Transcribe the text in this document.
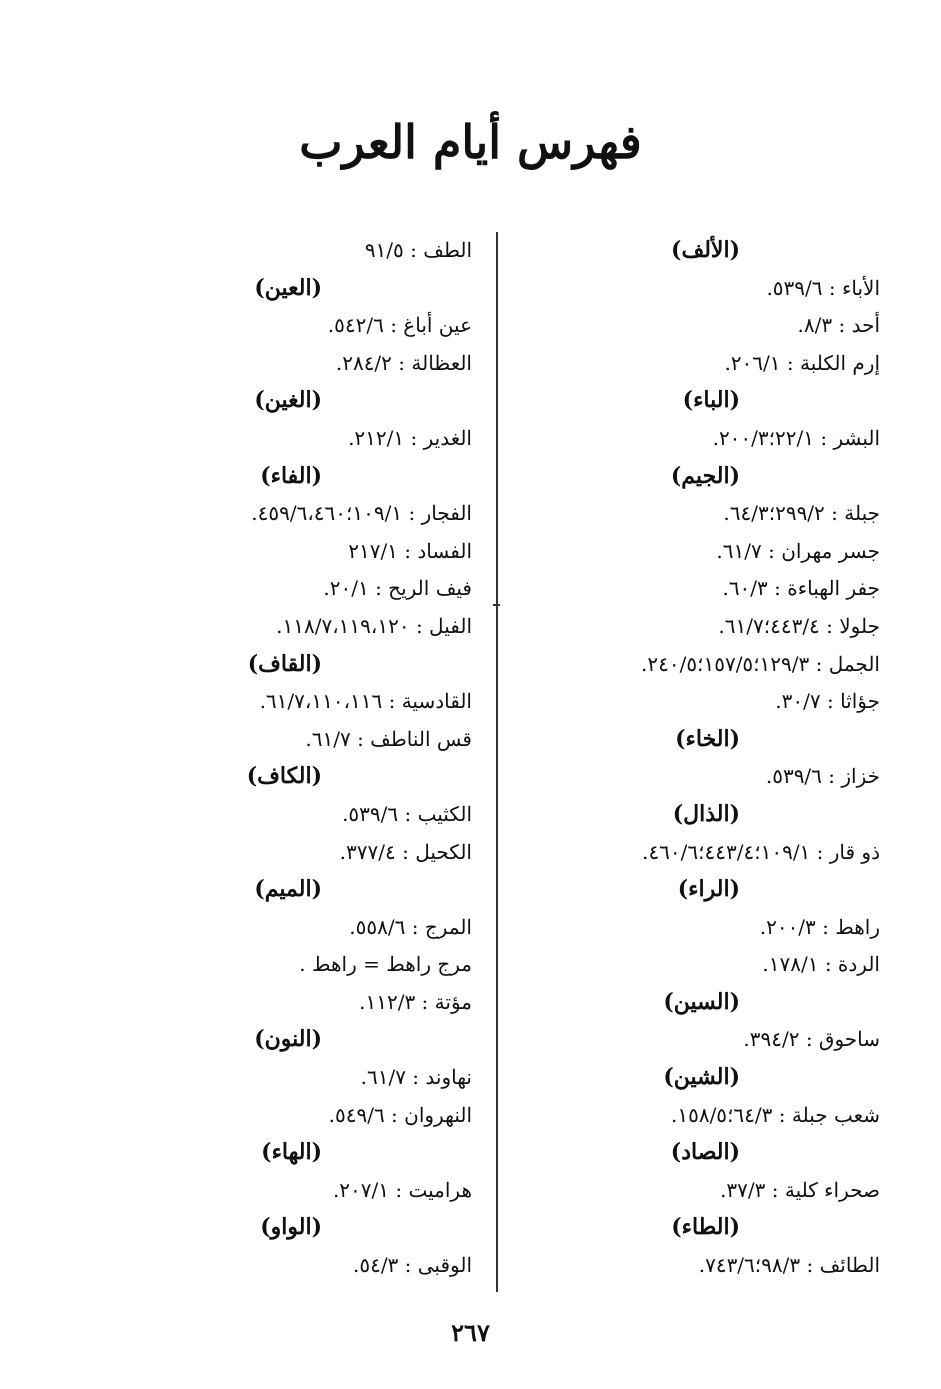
فهرس أيام العرب
(الألف)
الأباء : ٥٣٩/٦.
أحد : ٨/٣.
إرم الكلبة : ٢٠٦/١.
(الباء)
البشر : ٢٢/١؛٢٠٠/٣.
(الجيم)
جبلة : ٢٩٩/٢؛٦٤/٣.
جسر مهران : ٦١/٧.
جفر الهباءة : ٦٠/٣.
جلولا : ٤٤٣/٤؛٦١/٧.
الجمل : ١٢٩/٣؛١٥٧/٥؛٢٤٠/٥.
جؤاثا : ٣٠/٧.
(الخاء)
خزاز : ٥٣٩/٦.
(الذال)
ذو قار : ١٠٩/١؛٤٤٣/٤؛٤٦٠/٦.
(الراء)
راهط : ٢٠٠/٣.
الردة : ١٧٨/١.
(السين)
ساحوق : ٣٩٤/٢.
(الشين)
شعب جبلة : ٦٤/٣؛١٥٨/٥.
(الصاد)
صحراء كلية : ٣٧/٣.
(الطاء)
الطائف : ٩٨/٣؛٧٤٣/٦.
الطف : ٩١/٥
(العين)
عين أباغ : ٥٤٢/٦.
العظالة : ٢٨٤/٢.
(الغين)
الغدير : ٢١٢/١.
(الفاء)
الفجار : ١٠٩/١؛٤٥٩/٦،٤٦٠.
الفساد : ٢١٧/١
فيف الريح : ٢٠/١.
الفيل : ١١٨/٧،١١٩،١٢٠.
(القاف)
القادسية : ٦١/٧،١١٠،١١٦.
قس الناطف : ٦١/٧.
(الكاف)
الكثيب : ٥٣٩/٦.
الكحيل : ٣٧٧/٤.
(الميم)
المرج : ٥٥٨/٦.
مرج راهط = راهط .
مؤتة : ١١٢/٣.
(النون)
نهاوند : ٦١/٧.
النهروان : ٥٤٩/٦.
(الهاء)
هراميت : ٢٠٧/١.
(الواو)
الوقبى : ٥٤/٣.
٢٦٧
